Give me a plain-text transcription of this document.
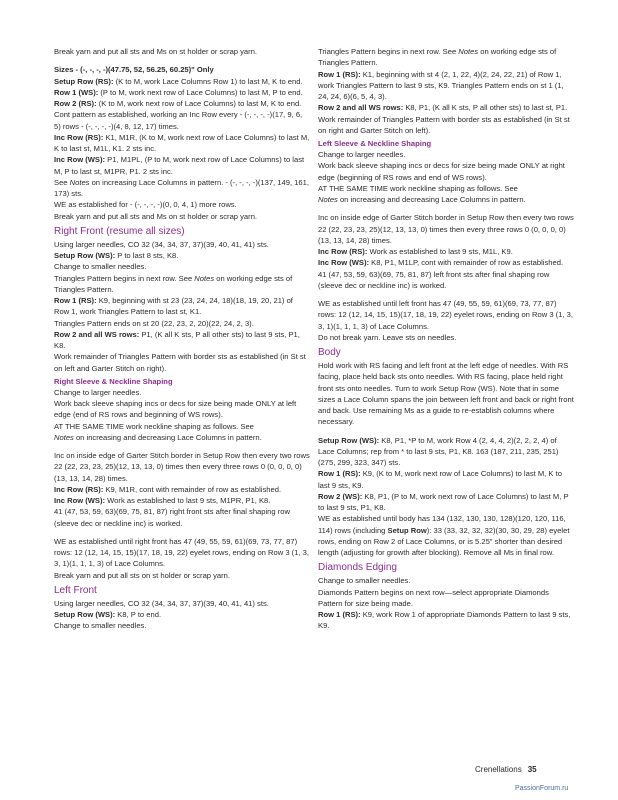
Break yarn and put all sts and Ms on st holder or scrap yarn.

Sizes - (-, -, -, -)(47.75, 52, 56.25, 60.25)" Only

Setup Row (RS): (K to M, work Lace Columns Row 1) to last M, K to end.

Row 1 (WS): (P to M, work next row of Lace Columns) to last M, P to end.

Row 2 (RS): (K to M, work next row of Lace Columns) to last M, K to end.

Cont pattern as established, working an Inc Row every - (-, -, -, -)(17, 9, 6, 5) rows - (-, -, -, -)(4, 8, 12, 17) times.

Inc Row (RS): K1, M1R, (K to M, work next row of Lace Columns) to last M, K to last st, M1L, K1. 2 sts inc.

Inc Row (WS): P1, M1PL, (P to M, work next row of Lace Columns) to last M, P to last st, M1PR, P1. 2 sts inc.

See Notes on increasing Lace Columns in pattern. - (-, -, -, -)(137, 149, 161, 173) sts.

WE as established for - (-, -, -, -)(0, 0, 4, 1) more rows.

Break yarn and put all sts and Ms on st holder or scrap yarn.

Right Front (resume all sizes)

Using larger needles, CO 32 (34, 34, 37, 37)(39, 40, 41, 41) sts.

Setup Row (WS): P to last 8 sts, K8.

Change to smaller needles.

Triangles Pattern begins in next row. See Notes on working edge sts of Triangles Pattern.

Row 1 (RS): K9, beginning with st 23 (23, 24, 24, 18)(18, 19, 20, 21) of Row 1, work Triangles Pattern to last st, K1.

Triangles Pattern ends on st 20 (22, 23, 2, 20)(22, 24, 2, 3).

Row 2 and all WS rows: P1, (K all K sts, P all other sts) to last 9 sts, P1, K8.

Work remainder of Triangles Pattern with border sts as established (in St st on left and Garter Stitch on right).

Right Sleeve & Neckline Shaping

Change to larger needles.

Work back sleeve shaping incs or decs for size being made ONLY at left edge (end of RS rows and beginning of WS rows).

AT THE SAME TIME work neckline shaping as follows. See

Notes on increasing and decreasing Lace Columns in pattern.

Inc on inside edge of Garter Stitch border in Setup Row then every two rows 22 (22, 23, 23, 25)(12, 13, 13, 0) times then every three rows 0 (0, 0, 0, 0)(13, 13, 14, 28) times.

Inc Row (RS): K9, M1R, cont with remainder of row as established.

Inc Row (WS): Work as established to last 9 sts, M1PR, P1, K8.

41 (47, 53, 59, 63)(69, 75, 81, 87) right front sts after final shaping row (sleeve dec or neckline inc) is worked.

WE as established until right front has 47 (49, 55, 59, 61)(69, 73, 77, 87) rows: 12 (12, 14, 15, 15)(17, 18, 19, 22) eyelet rows, ending on Row 3 (1, 3, 3, 1)(1, 1, 1, 3) of Lace Columns.

Break yarn and put all sts on st holder or scrap yarn.

Left Front

Using larger needles, CO 32 (34, 34, 37, 37)(39, 40, 41, 41) sts.

Setup Row (WS): K8, P to end.

Change to smaller needles.

Triangles Pattern begins in next row. See Notes on working edge sts of Triangles Pattern.

Row 1 (RS): K1, beginning with st 4 (2, 1, 22, 4)(2, 24, 22, 21) of Row 1, work Triangles Pattern to last 9 sts, K9. Triangles Pattern ends on st 1 (1, 24, 24, 6)(6, 5, 4, 3).

Row 2 and all WS rows: K8, P1, (K all K sts, P all other sts) to last st, P1.

Work remainder of Triangles Pattern with border sts as established (in St st on right and Garter Stitch on left).

Left Sleeve & Neckline Shaping

Change to larger needles.

Work back sleeve shaping incs or decs for size being made ONLY at right edge (beginning of RS rows and end of WS rows).

AT THE SAME TIME work neckline shaping as follows. See

Notes on increasing and decreasing Lace Columns in pattern.

Inc on inside edge of Garter Stitch border in Setup Row then every two rows 22 (22, 23, 23, 25)(12, 13, 13, 0) times then every three rows 0 (0, 0, 0, 0)(13, 13, 14, 28) times.

Inc Row (RS): Work as established to last 9 sts, M1L, K9.

Inc Row (WS): K8, P1, M1LP, cont with remainder of row as established.

41 (47, 53, 59, 63)(69, 75, 81, 87) left front sts after final shaping row (sleeve dec or neckline inc) is worked.

WE as established until left front has 47 (49, 55, 59, 61)(69, 73, 77, 87) rows: 12 (12, 14, 15, 15)(17, 18, 19, 22) eyelet rows, ending on Row 3 (1, 3, 3, 1)(1, 1, 1, 3) of Lace Columns.

Do not break yarn. Leave sts on needles.

Body

Hold work with RS facing and left front at the left edge of needles. With RS facing, place held back sts onto needles. With RS facing, place held right front sts onto needles. Turn to work Setup Row (WS). Note that in some sizes a Lace Column spans the join between left front and back or right front and back. Use remaining Ms as a guide to re-establish columns where necessary.

Setup Row (WS): K8, P1, *P to M, work Row 4 (2, 4, 4, 2)(2, 2, 2, 4) of Lace Columns; rep from * to last 9 sts, P1, K8. 163 (187, 211, 235, 251)(275, 299, 323, 347) sts.

Row 1 (RS): K9, (K to M, work next row of Lace Columns) to last M, K to last 9 sts, K9.

Row 2 (WS): K8, P1, (P to M, work next row of Lace Columns) to last M, P to last 9 sts, P1, K8.

WE as established until body has 134 (132, 130, 130, 128)(120, 120, 116, 114) rows (including Setup Row): 33 (33, 32, 32, 32)(30, 30, 29, 28) eyelet rows, ending on Row 2 of Lace Columns, or is 5.25" shorter than desired length (adjusting for growth after blocking). Remove all Ms in final row.

Diamonds Edging

Change to smaller needles.

Diamonds Pattern begins on next row—select appropriate Diamonds Pattern for size being made.

Row 1 (RS): K9, work Row 1 of appropriate Diamonds Pattern to last 9 sts, K9.

Crenellations 35
PassionForum.ru
